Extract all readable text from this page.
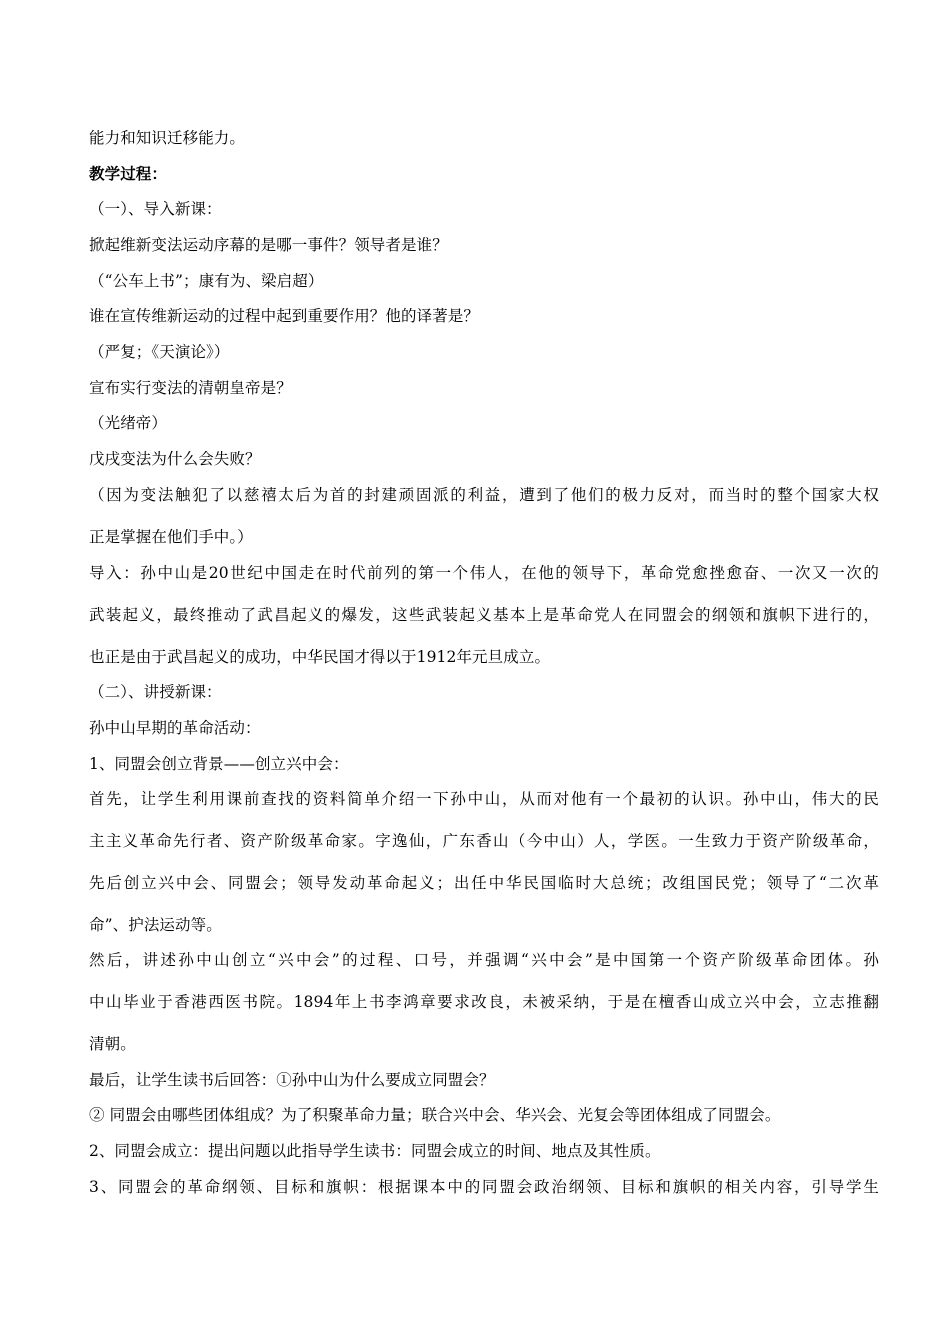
能力和知识迁移能力。
教学过程：
（一）、导入新课：
掀起维新变法运动序幕的是哪一事件？领导者是谁？
（“公车上书”；康有为、梁启超）
谁在宣传维新运动的过程中起到重要作用？他的译著是？
（严复；《天演论》）
宣布实行变法的清朝皇帝是？
（光绪帝）
戊戌变法为什么会失败？
（因为变法触犯了以慈禧太后为首的封建顽固派的利益，遭到了他们的极力反对，而当时的整个国家大权
正是掌握在他们手中。）
导入：孙中山是20世纪中国走在时代前列的第一个伟人，在他的领导下，革命党愈挫愈奋、一次又一次的
武装起义，最终推动了武昌起义的爆发，这些武装起义基本上是革命党人在同盟会的纲领和旗帜下进行的，
也正是由于武昌起义的成功，中华民国才得以于1912年元旦成立。
（二）、讲授新课：
孙中山早期的革命活动：
1、同盟会创立背景——创立兴中会：
首先，让学生利用课前查找的资料简单介绍一下孙中山，从而对他有一个最初的认识。孙中山，伟大的民
主主义革命先行者、资产阶级革命家。字逸仙，广东香山（今中山）人，学医。一生致力于资产阶级革命，
先后创立兴中会、同盟会；领导发动革命起义；出任中华民国临时大总统；改组国民党；领导了“二次革
命”、护法运动等。
然后，讲述孙中山创立“兴中会”的过程、口号，并强调“兴中会”是中国第一个资产阶级革命团体。孙
中山毕业于香港西医书院。1894年上书李鸿章要求改良，未被采纳，于是在檀香山成立兴中会，立志推翻
清朝。
最后，让学生读书后回答：①孙中山为什么要成立同盟会？
② 同盟会由哪些团体组成？为了积聚革命力量；联合兴中会、华兴会、光复会等团体组成了同盟会。
2、同盟会成立：提出问题以此指导学生读书：同盟会成立的时间、地点及其性质。
3、同盟会的革命纲领、目标和旗帜：根据课本中的同盟会政治纲领、目标和旗帜的相关内容，引导学生
